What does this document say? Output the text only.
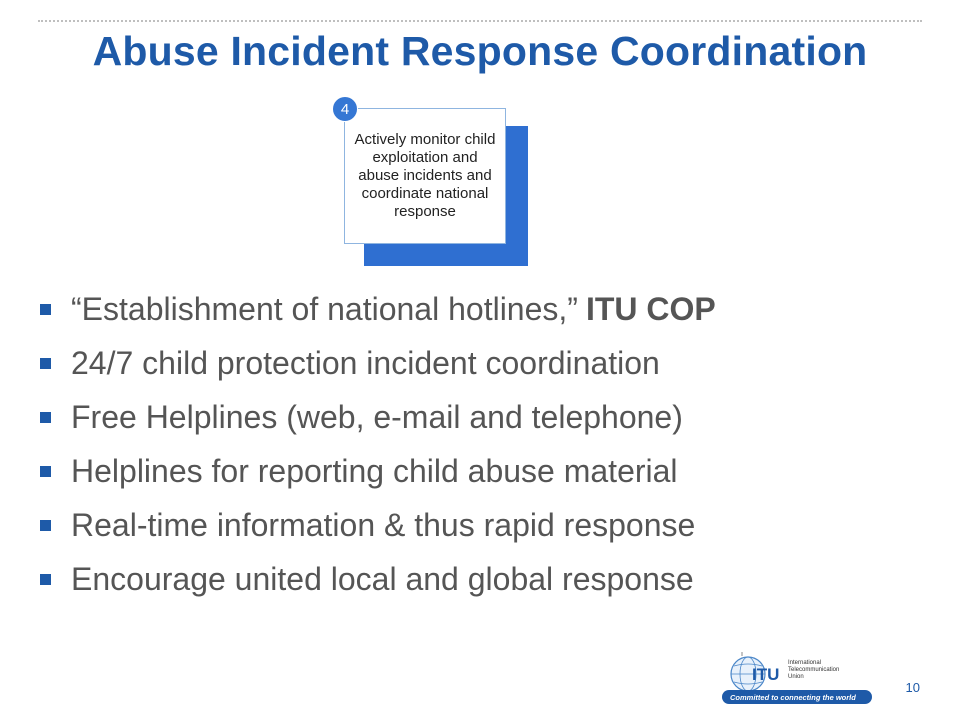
Abuse Incident Response Coordination
Actively monitor child exploitation and abuse incidents and coordinate national response
4
“Establishment of national hotlines,” ITU COP
24/7 child protection incident coordination
Free Helplines (web, e-mail and telephone)
Helplines for reporting child abuse material
Real-time information & thus rapid response
Encourage united local and global response
ITU
International
Telecommunication
Union
Committed to connecting the world
10
